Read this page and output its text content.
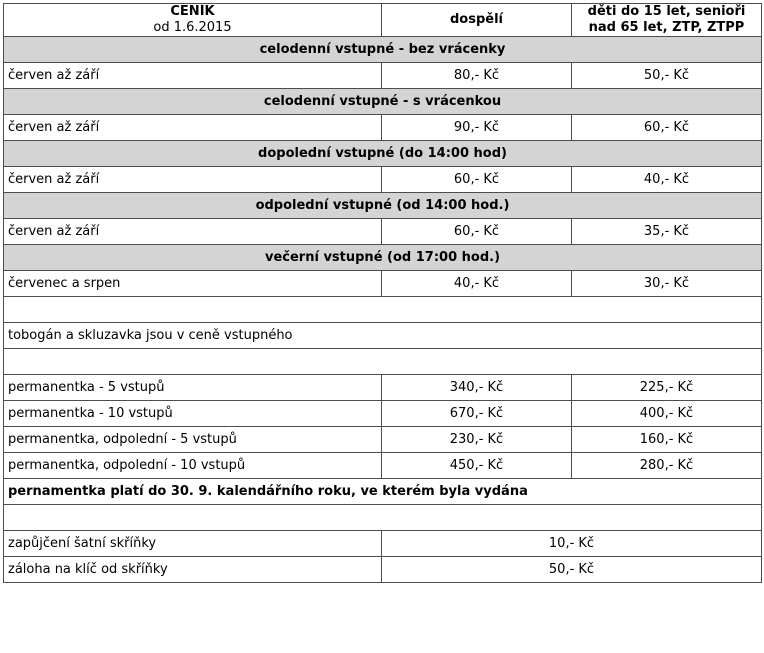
CENÍK
od 1.6.2015	dospělí	děti do 15 let, senioři nad 65 let, ZTP, ZTPP
celodenní vstupné - bez vrácenky		
červen až září	80,- Kč	50,- Kč
celodenní vstupné - s vrácenkou		
červen až září	90,- Kč	60,- Kč
dopolední vstupné (do 14:00 hod)		
červen až září	60,- Kč	40,- Kč
odpolední vstupné (od 14:00 hod.)		
červen až září	60,- Kč	35,- Kč
večerní vstupné (od 17:00 hod.)		
červenec a srpen	40,- Kč	30,- Kč

tobogán a skluzavka jsou v ceně vstupného		

permanentka - 5 vstupů	340,- Kč	225,- Kč
permanentka - 10 vstupů	670,- Kč	400,- Kč
permanentka, odpolední - 5 vstupů	230,- Kč	160,- Kč
permanentka, odpolední - 10 vstupů	450,- Kč	280,- Kč
pernamentka platí do 30. 9. kalendářního roku, ve kterém byla vydána		

zapůjčení šatní skříňky	10,- Kč	
záloha na klíč od skříňky	50,- Kč	
